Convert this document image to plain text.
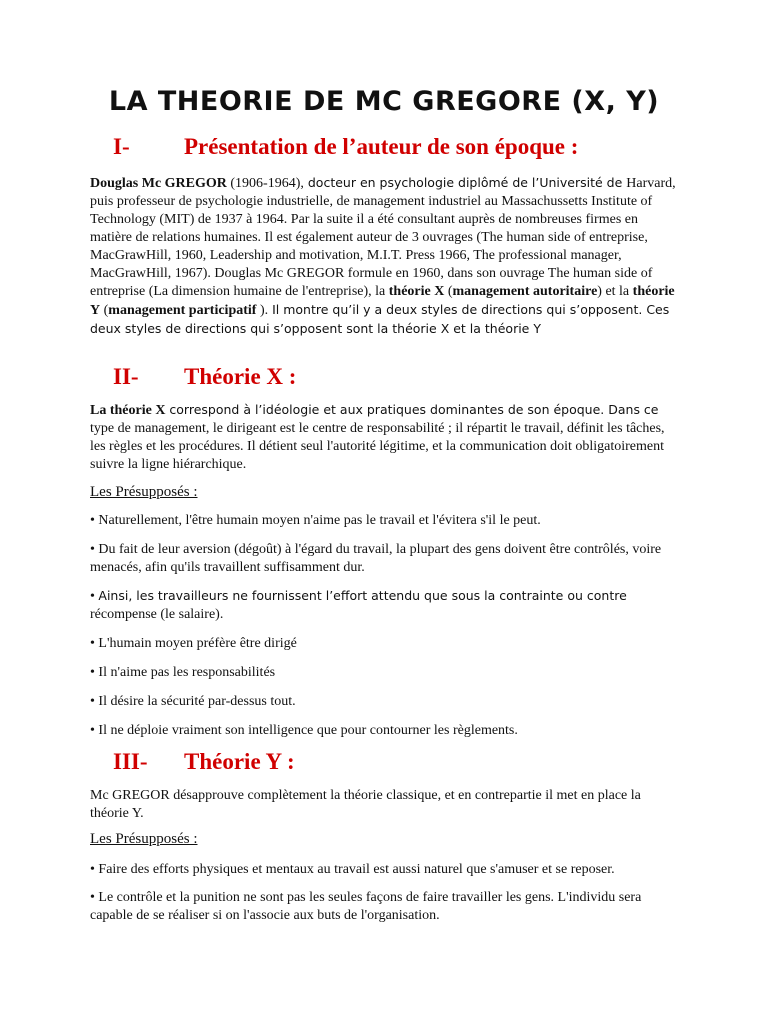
LA THEORIE DE MC GREGORE (X, Y)
I- Présentation de l’auteur de son époque :

Douglas Mc GREGOR (1906-1964), docteur en psychologie diplômé de l’Université de Harvard, puis professeur de psychologie industrielle, de management industriel au Massachussetts Institute of Technology (MIT) de 1937 à 1964. Par la suite il a été consultant auprès de nombreuses firmes en matière de relations humaines. Il est également auteur de 3 ouvrages (The human side of entreprise, MacGrawHill, 1960, Leadership and motivation, M.I.T. Press 1966, The professional manager, MacGrawHill, 1967). Douglas Mc GREGOR formule en 1960, dans son ouvrage The human side of entreprise (La dimension humaine de l'entreprise), la théorie X (management autoritaire) et la théorie Y (management participatif ). Il montre qu’il y a deux styles de directions qui s’opposent. Ces deux styles de directions qui s’opposent sont la théorie X et la théorie Y

II- Théorie X :

La théorie X correspond à l’idéologie et aux pratiques dominantes de son époque. Dans ce type de management, le dirigeant est le centre de responsabilité ; il répartit le travail, définit les tâches, les règles et les procédures. Il détient seul l'autorité légitime, et la communication doit obligatoirement suivre la ligne hiérarchique.

Les Présupposés :

• Naturellement, l'être humain moyen n'aime pas le travail et l'évitera s'il le peut.

• Du fait de leur aversion (dégoût) à l'égard du travail, la plupart des gens doivent être contrôlés, voire menacés, afin qu'ils travaillent suffisamment dur.

• Ainsi, les travailleurs ne fournissent l’effort attendu que sous la contrainte ou contre récompense (le salaire).

• L'humain moyen préfère être dirigé

• Il n'aime pas les responsabilités

• Il désire la sécurité par-dessus tout.

• Il ne déploie vraiment son intelligence que pour contourner les règlements.

III- Théorie Y :

Mc GREGOR désapprouve complètement la théorie classique, et en contrepartie il met en place la théorie Y.

Les Présupposés :

• Faire des efforts physiques et mentaux au travail est aussi naturel que s'amuser et se reposer.

• Le contrôle et la punition ne sont pas les seules façons de faire travailler les gens. L'individu sera capable de se réaliser si on l'associe aux buts de l'organisation.
